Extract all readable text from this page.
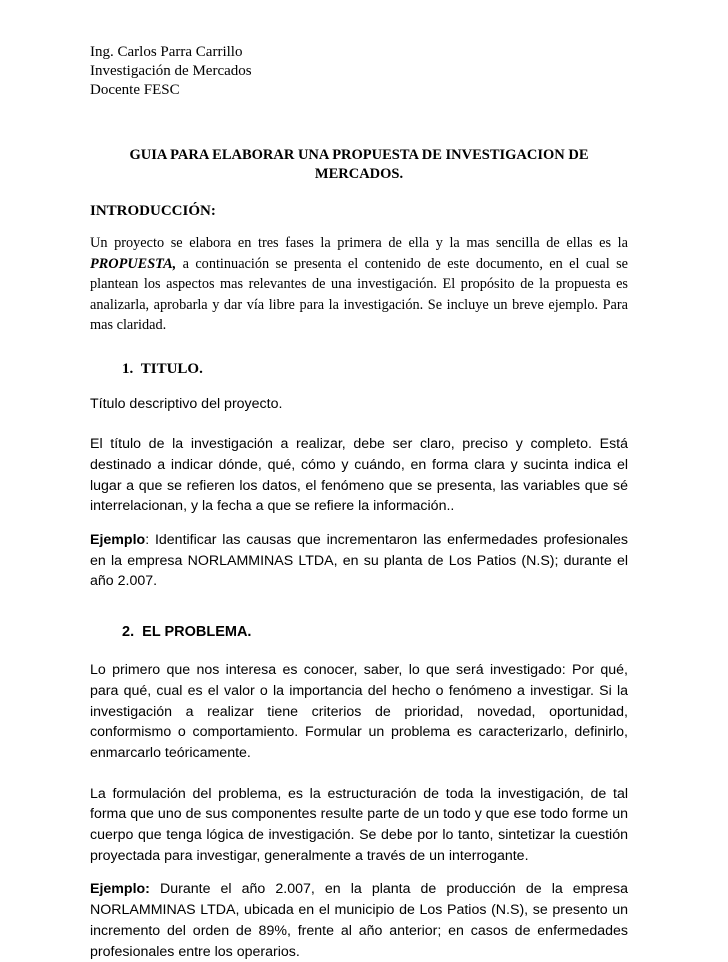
Ing. Carlos Parra Carrillo
Investigación de Mercados
Docente FESC
GUIA PARA ELABORAR UNA PROPUESTA DE INVESTIGACION DE MERCADOS.
INTRODUCCIÓN:

Un proyecto se elabora en tres fases la primera de ella y la mas sencilla de ellas es la PROPUESTA, a continuación se presenta el contenido de este documento, en el cual se plantean los aspectos mas relevantes de una investigación. El propósito de la propuesta es analizarla, aprobarla y dar vía libre para la investigación. Se incluye un breve ejemplo. Para mas claridad.

1. TITULO.

Título descriptivo del proyecto.

El título de la investigación a realizar, debe ser claro, preciso y completo. Está destinado a indicar dónde, qué, cómo y cuándo, en forma clara y sucinta indica el lugar a que se refieren los datos, el fenómeno que se presenta, las variables que sé interrelacionan, y la fecha a que se refiere la información..

Ejemplo: Identificar las causas que incrementaron las enfermedades profesionales en la empresa NORLAMMINAS LTDA, en su planta de Los Patios (N.S); durante el año 2.007.

2. EL PROBLEMA.

Lo primero que nos interesa es conocer, saber, lo que será investigado: Por qué, para qué, cual es el valor o la importancia del hecho o fenómeno a investigar. Si la investigación a realizar tiene criterios de prioridad, novedad, oportunidad, conformismo o comportamiento. Formular un problema es caracterizarlo, definirlo, enmarcarlo teóricamente.

La formulación del problema, es la estructuración de toda la investigación, de tal forma que uno de sus componentes resulte parte de un todo y que ese todo forme un cuerpo que tenga lógica de investigación. Se debe por lo tanto, sintetizar la cuestión proyectada para investigar, generalmente a través de un interrogante.

Ejemplo: Durante el año 2.007, en la planta de producción de la empresa NORLAMMINAS LTDA, ubicada en el municipio de Los Patios (N.S), se presento un incremento del orden de 89%, frente al año anterior; en casos de enfermedades profesionales entre los operarios.
